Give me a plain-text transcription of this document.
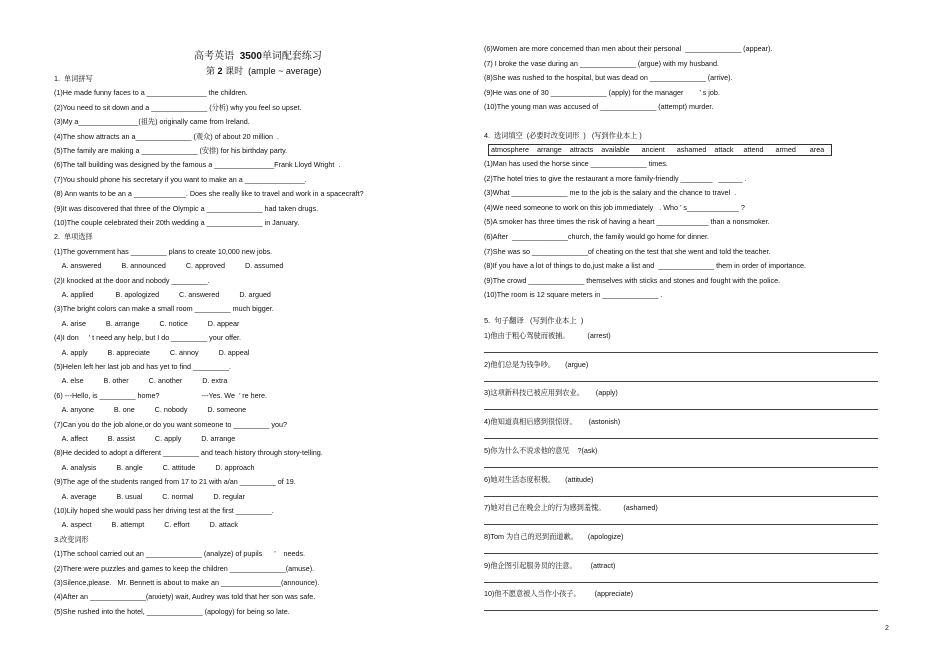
高考英语 3500单词配套练习

第 2 课时 (ample ~ average)

1.  单词拼写
(1)He made funny faces to a _______________ the children.
(2)You need to sit down and a ______________ (分析) why you feel so upset.
(3)My a_______________(祖先) originally came from Ireland.
(4)The show attracts an a______________ (观众) of about 20 million  .
(5)The family are making a ______________ (安排) for his birthday party.
(6)The tall building was designed by the famous a _______________Frank Lloyd Wright  .
(7)You should phone his secretary if you want to make an a _______________.
(8) Ann wants to be an a _____________. Does she really like to travel and work in a spacecraft?
(9)It was discovered that three of the Olympic a ______________ had taken drugs.
(10)The couple celebrated their 20th wedding a ______________ in January.
2.  单项选择
(1)The government has _________ plans to create 10,000 new jobs.
A. answered          B. announced          C. approved          D. assumed
(2)I knocked at the door and nobody _________.
A. applied           B. apologized          C. answered          D. argued
(3)The bright colors can make a small room _________ much bigger.
A. arise          B. arrange          C. notice          D. appear
(4)I don     ’ t need any help, but I do _________ your offer.
A. apply          B. appreciate          C. annoy          D. appeal
(5)Helen left her last job and has yet to find _________.
A. else          B. other          C. another          D. extra
(6) ---Hello, is _________ home?                     ---Yes. We  ’ re here.
A. anyone          B. one          C. nobody          D. someone
(7)Can you do the job alone,or do you want someone to _________ you?
A. affect          B. assist          C. apply          D. arrange
(8)He decided to adopt a different _________ and teach history through story-telling.
A. analysis          B. angle          C. attitude          D. approach
(9)The age of the students ranged from 17 to 21 with a/an _________ of 19.
A. average          B. usual          C. normal          D. regular
(10)Lily hoped she would pass her driving test at the first _________.
A. aspect          B. attempt          C. effort          D. attack
3.改变词形
(1)The school carried out an ______________ (analyze) of pupils      ’    needs.
(2)There were puzzles and games to keep the children ______________(amuse).
(3)Silence,please.   Mr. Bennett is about to make an _______________(announce).
(4)After an ______________(anxiety) wait, Audrey was told that her son was safe.
(5)She rushed into the hotel, ______________ (apology) for being so late.
(6)Women are more concerned than men about their personal  ______________ (appear).
(7) I broke the vase during an ______________ (argue) with my husband.
(8)She was rushed to the hospital, but was dead on ______________ (arrive).
(9)He was one of 30 ______________ (apply) for the manager        ’ s job.
(10)The young man was accused of ______________ (attempt) murder.
4.  选词填空  (必要时改变词形  )   (写到作业本上 )
atmosphere    arrange    attracts    available      ancient      ashamed    attack     attend      armed       area
(1)Man has used the horse since ______________ times.
(2)The hotel tries to give the restaurant a more family-friendly ________   ______ .
(3)What ______________ me to the job is the salary and the chance to travel  .
(4)We need someone to work on this job immediately   . Who ’ s_____________ ?
(5)A smoker has three times the risk of having a heart _____________ than a nonsmoker.
(6)After  ______________church, the family would go home for dinner.
(7)She was so ______________of cheating on the test that she went and told the teacher.
(8)If you have a lot of things to do,just make a list and  ______________ them in order of importance.
(9)The crowd ______________ themselves with sticks and stones and fought with the police.
(10)The room is 12 square meters in ______________ .
5.  句子翻译   (写到作业本上  )
1)他由于粗心驾驶而被捕。         (arrest)
2)他们总是为钱争吵。     (argue)
3)这项新科技已被应用到农业。      (apply)
4)他知道真相后感到很惊讶。      (astonish)
5)你为什么不说求他的意见    ?(ask)
6)她对生活态度积极。     (attitude)
7)她对自己在晚会上的行为感到羞愧。         (ashamed)
8)Tom 为自己的迟到而道歉。     (apologize)
9)他企图引起服务员的注意。       (attract)
10)他不愿意被人当作小孩子。       (appreciate)
2
